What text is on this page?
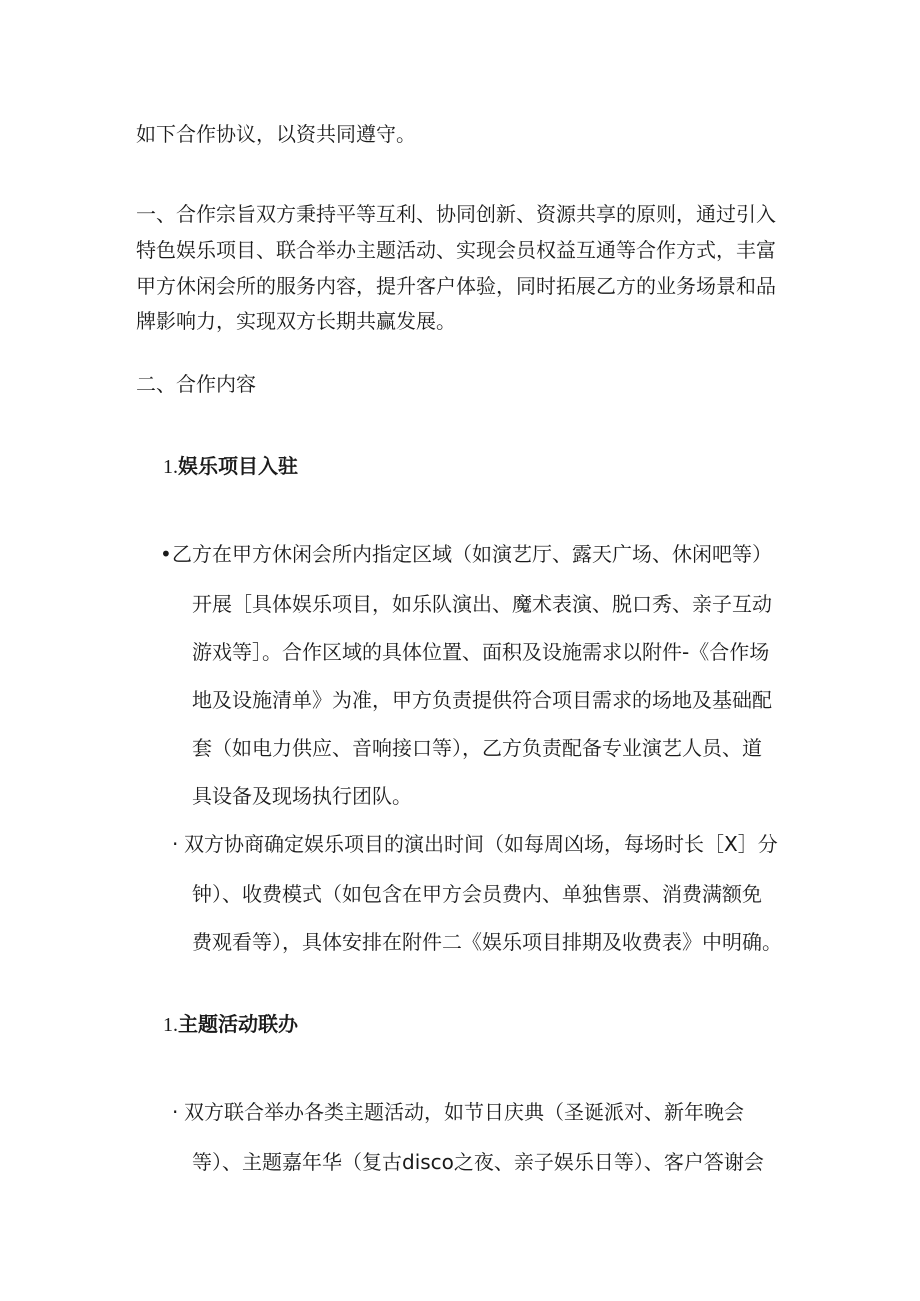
如下合作协议，以资共同遵守。
一、合作宗旨双方秉持平等互利、协同创新、资源共享的原则，通过引入
特色娱乐项目、联合举办主题活动、实现会员权益互通等合作方式，丰富
甲方休闲会所的服务内容，提升客户体验，同时拓展乙方的业务场景和品
牌影响力，实现双方长期共赢发展。
二、合作内容
1.娱乐项目入驻
• 乙方在甲方休闲会所内指定区域（如演艺厅、露天广场、休闲吧等）
开展［具体娱乐项目，如乐队演出、魔术表演、脱口秀、亲子互动
游戏等］。合作区域的具体位置、面积及设施需求以附件-《合作场
地及设施清单》为准，甲方负责提供符合项目需求的场地及基础配
套（如电力供应、音响接口等），乙方负责配备专业演艺人员、道
具设备及现场执行团队。
· 双方协商确定娱乐项目的演出时间（如每周凶场，每场时长［X］分
钟）、收费模式（如包含在甲方会员费内、单独售票、消费满额免
费观看等），具体安排在附件二《娱乐项目排期及收费表》中明确。
1.主题活动联办
· 双方联合举办各类主题活动，如节日庆典（圣诞派对、新年晚会
等）、主题嘉年华（复古disco之夜、亲子娱乐日等）、客户答谢会
